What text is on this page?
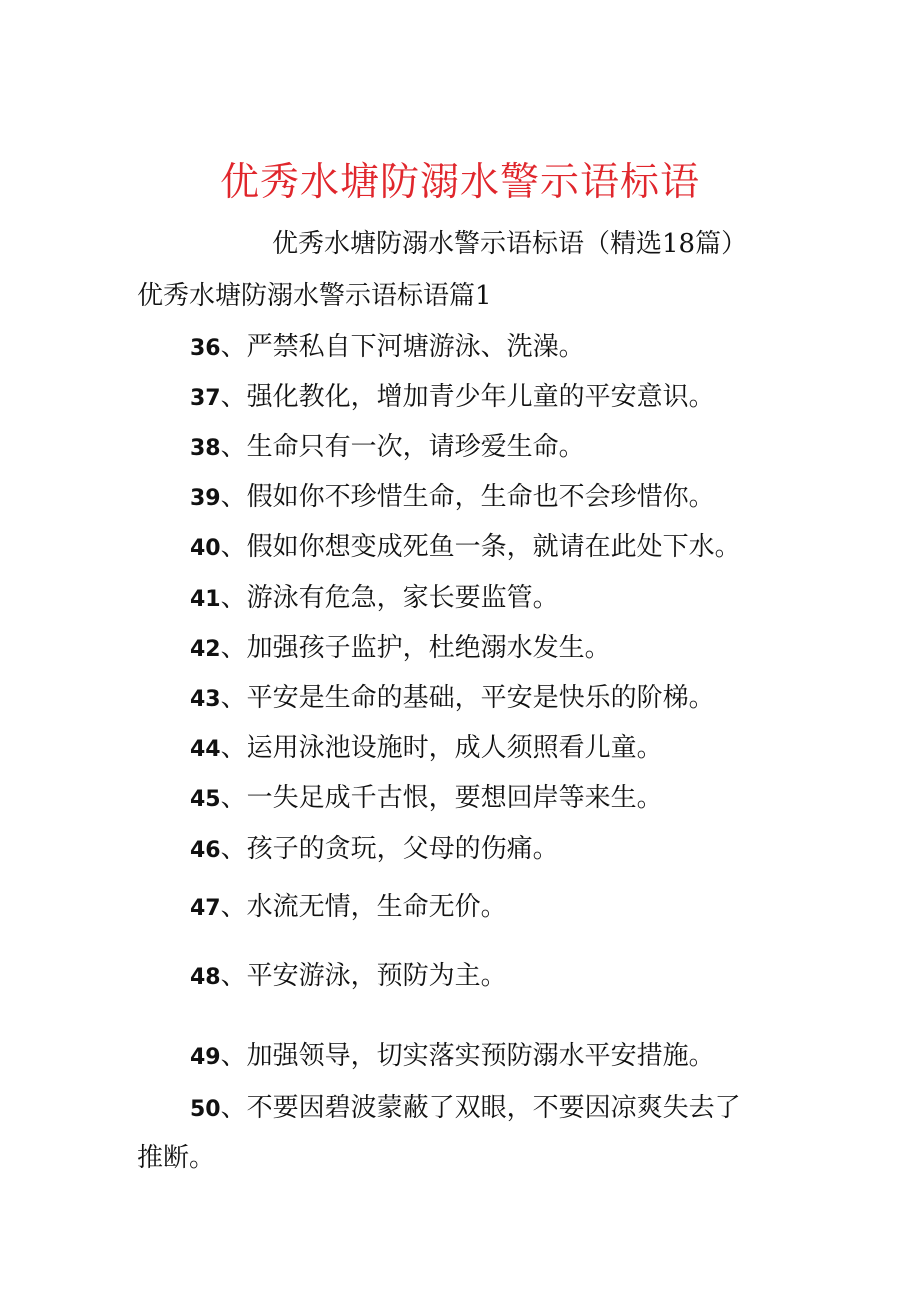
优秀水塘防溺水警示语标语
优秀水塘防溺水警示语标语（精选18篇）
优秀水塘防溺水警示语标语篇1
36、严禁私自下河塘游泳、洗澡。
37、强化教化，增加青少年儿童的平安意识。
38、生命只有一次，请珍爱生命。
39、假如你不珍惜生命，生命也不会珍惜你。
40、假如你想变成死鱼一条，就请在此处下水。
41、游泳有危急，家长要监管。
42、加强孩子监护，杜绝溺水发生。
43、平安是生命的基础，平安是快乐的阶梯。
44、运用泳池设施时，成人须照看儿童。
45、一失足成千古恨，要想回岸等来生。
46、孩子的贪玩，父母的伤痛。
47、水流无情，生命无价。
48、平安游泳，预防为主。
49、加强领导，切实落实预防溺水平安措施。
50、不要因碧波蒙蔽了双眼，不要因凉爽失去了
推断。
